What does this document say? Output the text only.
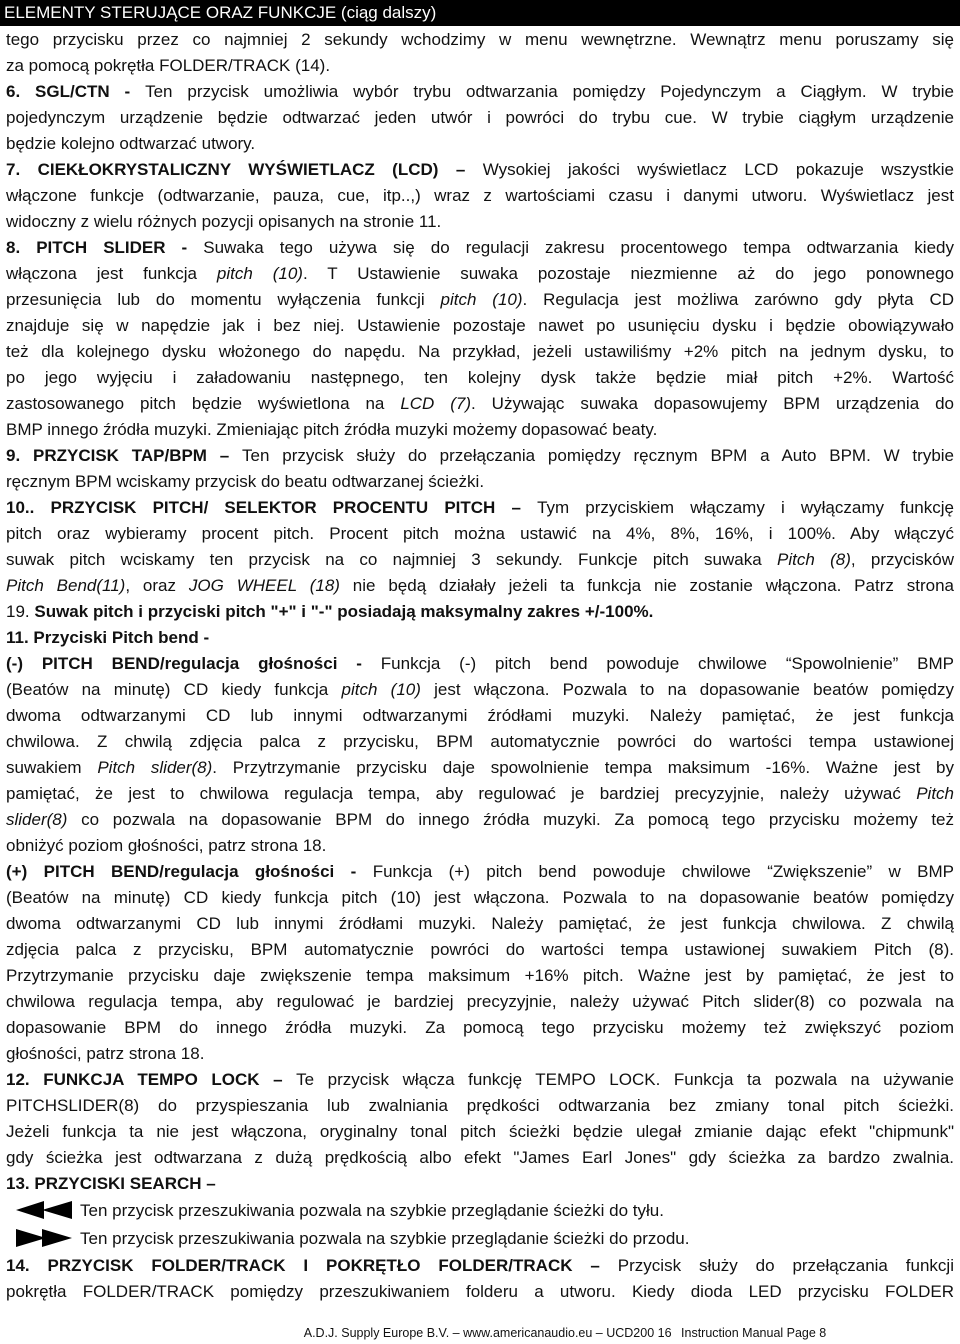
ELEMENTY STERUJĄCE ORAZ FUNKCJE (ciąg dalszy)
tego przycisku przez co najmniej 2 sekundy wchodzimy w menu wewnętrzne. Wewnątrz menu poruszamy się
za pomocą pokrętła FOLDER/TRACK (14).
6. SGL/CTN - Ten przycisk umożliwia wybór trybu odtwarzania pomiędzy Pojedynczym a Ciągłym. W trybie
pojedynczym urządzenie będzie odtwarzać jeden utwór i powróci do trybu cue. W trybie ciągłym urządzenie
będzie kolejno odtwarzać utwory.
7. CIEKŁOKRYSTALICZNY WYŚWIETLACZ (LCD) – Wysokiej jakości wyświetlacz LCD pokazuje wszystkie
włączone funkcje (odtwarzanie, pauza, cue, itp..,) wraz z wartościami czasu i danymi utworu. Wyświetlacz jest
widoczny z wielu różnych pozycji opisanych na stronie 11.
8. PITCH SLIDER - Suwaka tego używa się do regulacji zakresu procentowego tempa odtwarzania kiedy
włączona jest funkcja pitch (10). T Ustawienie suwaka pozostaje niezmienne aż do jego ponownego
przesunięcia lub do momentu wyłączenia funkcji pitch (10). Regulacja jest możliwa zarówno gdy płyta CD
znajduje się w napędzie jak i bez niej. Ustawienie pozostaje nawet po usunięciu dysku i będzie obowiązywało
też dla kolejnego dysku włożonego do napędu. Na przykład, jeżeli ustawiliśmy +2% pitch na jednym dysku, to
po jego wyjęciu i załadowaniu następnego, ten kolejny dysk także będzie miał pitch +2%. Wartość
zastosowanego pitch będzie wyświetlona na LCD (7). Używając suwaka dopasowujemy BPM urządzenia do
BMP innego źródła muzyki. Zmieniając pitch źródła muzyki możemy dopasować beaty.
9. PRZYCISK TAP/BPM – Ten przycisk służy do przełączania pomiędzy ręcznym BPM a Auto BPM. W trybie
ręcznym BPM wciskamy przycisk do beatu odtwarzanej ścieżki.
10.. PRZYCISK PITCH/ SELEKTOR PROCENTU PITCH – Tym przyciskiem włączamy i wyłączamy funkcję
pitch oraz wybieramy procent pitch. Procent pitch można ustawić na 4%, 8%, 16%, i 100%. Aby włączyć
suwak pitch wciskamy ten przycisk na co najmniej 3 sekundy. Funkcje pitch suwaka Pitch (8), przycisków
Pitch Bend(11), oraz JOG WHEEL (18) nie będą działały jeżeli ta funkcja nie zostanie włączona. Patrz strona
19. Suwak pitch i przyciski pitch "+" i "-" posiadają maksymalny zakres +/-100%.
11. Przyciski Pitch bend -
(-) PITCH BEND/regulacja głośności - Funkcja (-) pitch bend powoduje chwilowe “Spowolnienie” BMP
(Beatów na minutę) CD kiedy funkcja pitch (10) jest włączona. Pozwala to na dopasowanie beatów pomiędzy
dwoma odtwarzanymi CD lub innymi odtwarzanymi źródłami muzyki. Należy pamiętać, że jest funkcja
chwilowa. Z chwilą zdjęcia palca z przycisku, BPM automatycznie powróci do wartości tempa ustawionej
suwakiem Pitch slider(8). Przytrzymanie przycisku daje spowolnienie tempa maksimum -16%. Ważne jest by
pamiętać, że jest to chwilowa regulacja tempa, aby regulować je bardziej precyzyjnie, należy używać Pitch
slider(8) co pozwala na dopasowanie BPM do innego źródła muzyki. Za pomocą tego przycisku możemy też
obniżyć poziom głośności, patrz strona 18.
(+) PITCH BEND/regulacja głośności - Funkcja (+) pitch bend powoduje chwilowe “Zwiększenie” w BMP
(Beatów na minutę) CD kiedy funkcja pitch (10) jest włączona. Pozwala to na dopasowanie beatów pomiędzy
dwoma odtwarzanymi CD lub innymi źródłami muzyki. Należy pamiętać, że jest funkcja chwilowa. Z chwilą
zdjęcia palca z przycisku, BPM automatycznie powróci do wartości tempa ustawionej suwakiem Pitch (8).
Przytrzymanie przycisku daje zwiększenie tempa maksimum +16% pitch. Ważne jest by pamiętać, że jest to
chwilowa regulacja tempa, aby regulować je bardziej precyzyjnie, należy używać Pitch slider(8) co pozwala na
dopasowanie BPM do innego źródła muzyki. Za pomocą tego przycisku możemy też zwiększyć poziom
głośności, patrz strona 18.
12. FUNKCJA TEMPO LOCK – Te przycisk włącza funkcję TEMPO LOCK. Funkcja ta pozwala na używanie
PITCHSLIDER(8) do przyspieszania lub zwalniania prędkości odtwarzania bez zmiany tonal pitch ścieżki.
Jeżeli funkcja ta nie jest włączona, oryginalny tonal pitch ścieżki będzie ulegał zmianie dając efekt "chipmunk"
gdy ścieżka jest odtwarzana z dużą prędkością albo efekt "James Earl Jones" gdy ścieżka za bardzo zwalnia.
13. PRZYCISKI SEARCH –
Ten przycisk przeszukiwania pozwala na szybkie przeglądanie ścieżki do tyłu.
Ten przycisk przeszukiwania pozwala na szybkie przeglądanie ścieżki do przodu.
14. PRZYCISK FOLDER/TRACK I POKRĘTŁO FOLDER/TRACK – Przycisk służy do przełączania funkcji
pokrętła FOLDER/TRACK pomiędzy przeszukiwaniem folderu a utworu. Kiedy dioda LED przycisku FOLDER
A.D.J. Supply Europe B.V. – www.americanaudio.eu – UCD200 16 Instruction Manual Page 8
